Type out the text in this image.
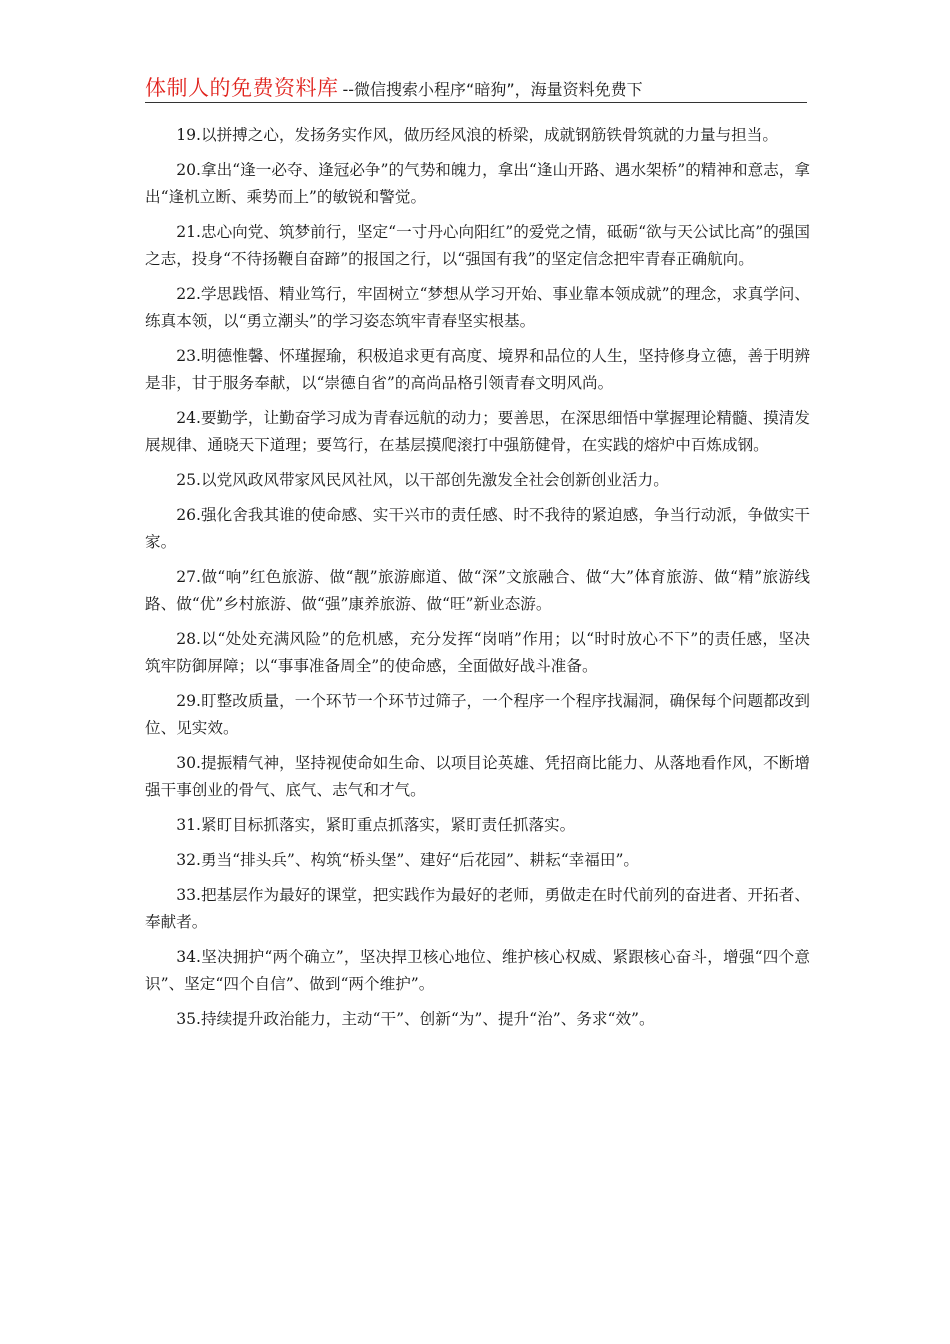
体制人的免费资料库 --微信搜索小程序“暗狗”，海量资料免费下

19.以拼搏之心，发扬务实作风，做历经风浪的桥梁，成就钢筋铁骨筑就的力量与担当。

20.拿出“逢一必夺、逢冠必争”的气势和魄力，拿出“逢山开路、遇水架桥”的精神和意志，拿出“逢机立断、乘势而上”的敏锐和警觉。

21.忠心向党、筑梦前行，坚定“一寸丹心向阳红”的爱党之情，砥砺“欲与天公试比高”的强国之志，投身“不待扬鞭自奋蹄”的报国之行，以“强国有我”的坚定信念把牢青春正确航向。

22.学思践悟、精业笃行，牢固树立“梦想从学习开始、事业靠本领成就”的理念，求真学问、练真本领，以“勇立潮头”的学习姿态筑牢青春坚实根基。

23.明德惟馨、怀瑾握瑜，积极追求更有高度、境界和品位的人生，坚持修身立德，善于明辨是非，甘于服务奉献，以“崇德自省”的高尚品格引领青春文明风尚。

24.要勤学，让勤奋学习成为青春远航的动力；要善思，在深思细悟中掌握理论精髓、摸清发展规律、通晓天下道理；要笃行，在基层摸爬滚打中强筋健骨，在实践的熔炉中百炼成钢。

25.以党风政风带家风民风社风，以干部创先激发全社会创新创业活力。

26.强化舍我其谁的使命感、实干兴市的责任感、时不我待的紧迫感，争当行动派，争做实干家。

27.做“响”红色旅游、做“靓”旅游廊道、做“深”文旅融合、做“大”体育旅游、做“精”旅游线路、做“优”乡村旅游、做“强”康养旅游、做“旺”新业态游。

28.以“处处充满风险”的危机感，充分发挥“岗哨”作用；以“时时放心不下”的责任感，坚决筑牢防御屏障；以“事事准备周全”的使命感，全面做好战斗准备。

29.盯整改质量，一个环节一个环节过筛子，一个程序一个程序找漏洞，确保每个问题都改到位、见实效。

30.提振精气神，坚持视使命如生命、以项目论英雄、凭招商比能力、从落地看作风，不断增强干事创业的骨气、底气、志气和才气。

31.紧盯目标抓落实，紧盯重点抓落实，紧盯责任抓落实。

32.勇当“排头兵”、构筑“桥头堡”、建好“后花园”、耕耘“幸福田”。

33.把基层作为最好的课堂，把实践作为最好的老师，勇做走在时代前列的奋进者、开拓者、奉献者。

34.坚决拥护“两个确立”，坚决捍卫核心地位、维护核心权威、紧跟核心奋斗，增强“四个意识”、坚定“四个自信”、做到“两个维护”。

35.持续提升政治能力，主动“干”、创新“为”、提升“治”、务求“效”。
